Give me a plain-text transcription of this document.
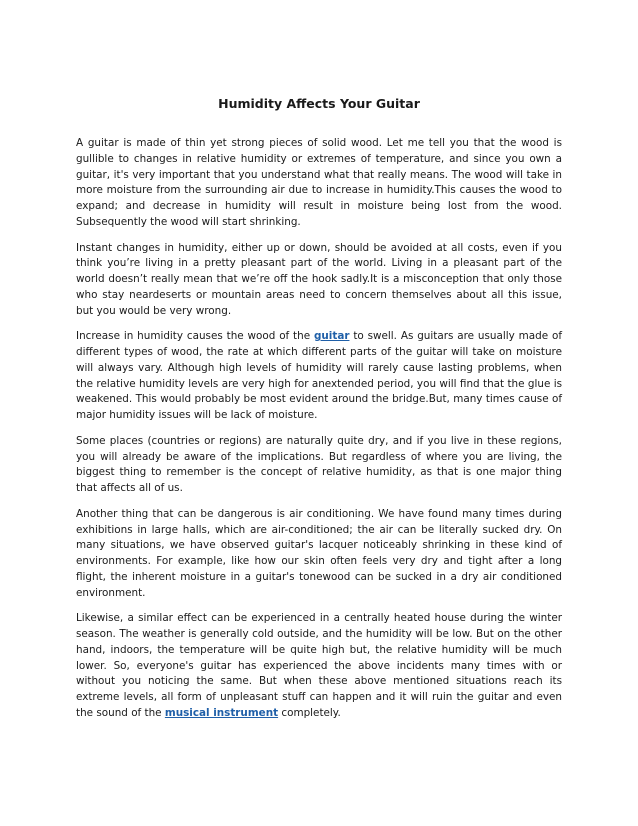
Humidity Affects Your Guitar

A guitar is made of thin yet strong pieces of solid wood. Let me tell you that the wood is gullible to changes in relative humidity or extremes of temperature, and since you own a guitar, it's very important that you understand what that really means. The wood will take in more moisture from the surrounding air due to increase in humidity.This causes the wood to expand; and decrease in humidity will result in moisture being lost from the wood. Subsequently the wood will start shrinking.

Instant changes in humidity, either up or down, should be avoided at all costs, even if you think you’re living in a pretty pleasant part of the world. Living in a pleasant part of the world doesn’t really mean that we’re off the hook sadly.It is a misconception that only those who stay neardeserts or mountain areas need to concern themselves about all this issue, but you would be very wrong.

Increase in humidity causes the wood of the guitar to swell. As guitars are usually made of different types of wood, the rate at which different parts of the guitar will take on moisture will always vary. Although high levels of humidity will rarely cause lasting problems, when the relative humidity levels are very high for anextended period, you will find that the glue is weakened. This would probably be most evident around the bridge.But, many times cause of major humidity issues will be lack of moisture.

Some places (countries or regions) are naturally quite dry, and if you live in these regions, you will already be aware of the implications. But regardless of where you are living, the biggest thing to remember is the concept of relative humidity, as that is one major thing that affects all of us.

Another thing that can be dangerous is air conditioning. We have found many times during exhibitions in large halls, which are air-conditioned; the air can be literally sucked dry. On many situations, we have observed guitar's lacquer noticeably shrinking in these kind of environments. For example, like how our skin often feels very dry and tight after a long flight, the inherent moisture in a guitar's tonewood can be sucked in a dry air conditioned environment.

Likewise, a similar effect can be experienced in a centrally heated house during the winter season. The weather is generally cold outside, and the humidity will be low. But on the other hand, indoors, the temperature will be quite high but, the relative humidity will be much lower. So, everyone's guitar has experienced the above incidents many times with or without you noticing the same. But when these above mentioned situations reach its extreme levels, all form of unpleasant stuff can happen and it will ruin the guitar and even the sound of the musical instrument completely.
